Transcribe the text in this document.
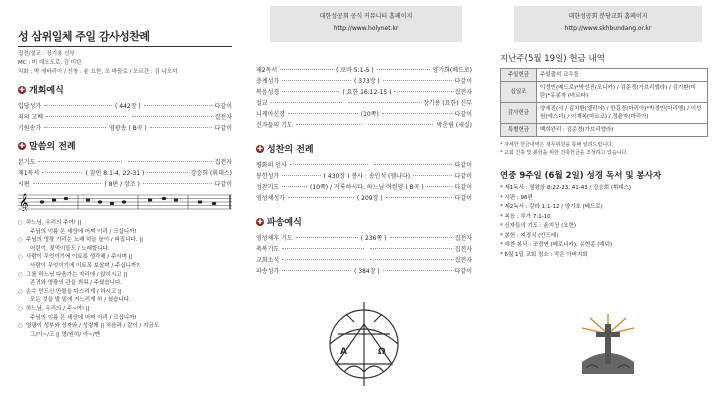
성 삼위일체 주일 감사성찬례
집전/설교 : 장기용 신부
MC : 미 데오도로, 김 미탄
치화 : 박 에바리아 / 선창 : 윤 요한, 조 바돌로 / 오르간 : 김 나오미
✚ 개회예식
입당성가	( 442장 )	다같이
죄의 고백	집전자
기원송가	영광송 ( B곡 )	다같이
✚ 말씀의 전례
본기도	집전자
제1독서	( 잠언 8:1-4, 22-31 )	강승희 (휘데스)
시편	( 8편 / 장조 )	다같이
𝄞
○ 하느님, 우리의 주여! ||
주님의 이름 온 세상에 어찌 이리 / 크십니까!
○ 주님의 영광 기리는 노래 하늘 높이 / 퍼집니다. ||
어린이, 젖먹이들도 / 노래합니다.
○ 사람이 무엇이기에 이토록 생각해 / 주시며 ||
사람이 무엇이기에 이토록 보살펴 / 주십니까?.
○ 그를 하느님 다음가는 자리에 / 앉히시고 ||
존귀와 영광의 관을 씌워 / 주셨습니다.
○ 손수 만드신 만물을 다스리게 / 하시고 ||
모든 것을 발 밑에 거느리게 하 / 셨습니다.
○ 하느님, 우리의 / 주~여! ||
주님의 이름 온 세상에 어찌 이리 / 크십니까!
○ 영광이 성부와 성자와 / 성령께 || 처음과 / 같이 / 지금도
그/이~/고 || 영/원히/ 아~/멘
대한성공회 공식 커뮤니티 홈페이지
http://www.holynet.kr
제2독서	( 로마 5:1-5 )	양기희(베드로)
층계성가	( 373장 )	다같이
복음성경	( 요한 16:12-15 )	집전자
설교	장기용 (요한) 신부
니케아신경	(10쪽)	다같이
신자들의 기도	박춘림 (세실)
✚ 성찬의 전례
평화의 인사	다같이
봉헌성가	( 430장 ) 봉사 : 송인석 (엠나다)	다같이
성찬기도	(10쪽) / 거룩하시다, 하느님 어린양 ( B곡 )	다같이
영성체성가	( 209장 )	다같이
✚ 파송예식
영성체후 기도	( 236쪽 )	집전자
축복기도	집전자
교회소식	집전자
파송성가	( 384장 )	다같이
A	Ω
대한성공회 분당교회 홈페이지
http://www.skhbundang.or.kr
지난주(5월 19일) 헌금 내역
주일헌금	주일출석 교우들
십일조	이정빈(베드로)*박선진(모니카) / 김준경(가브리엘라) / 김기환(미탄)*유봉자 (마르타)
감사헌금	양세진(샤 / 김치환(엘리야) / 한길경(마리아)*박정빈(마리엠) / 이성원(에스더) / 이재복(마르코) / 정윤자(마리아)
특별헌금	백희완리 : 김준경(가브리엘라)
* 자세한 헌금내역은 재무위원을 통해 알려드립니다.
* 교회 건축 및 봉헌을 위한 건축헌금을 조성하고 있습니다.
연중 9주일 (6월 2일) 성경 독서 및 봉사자
* 제1독서 : 열왕상 8:22-23, 41-43 / 강승희 (휘데스)
* 시편 : 96편
* 제2독서 : 갈라 1:1-12 / 양기호 (베드로)
* 복음 : 루가 7:1-10
* 신자들의 기도 : 윤지상 (요한)
* 봉헌 : 지경식 (안드레)
* 애찬 봉사 : 조정연 (베로니카), 유현종 (예덕)
* 6월 1일 교회 청소 : 작은 아버지회
